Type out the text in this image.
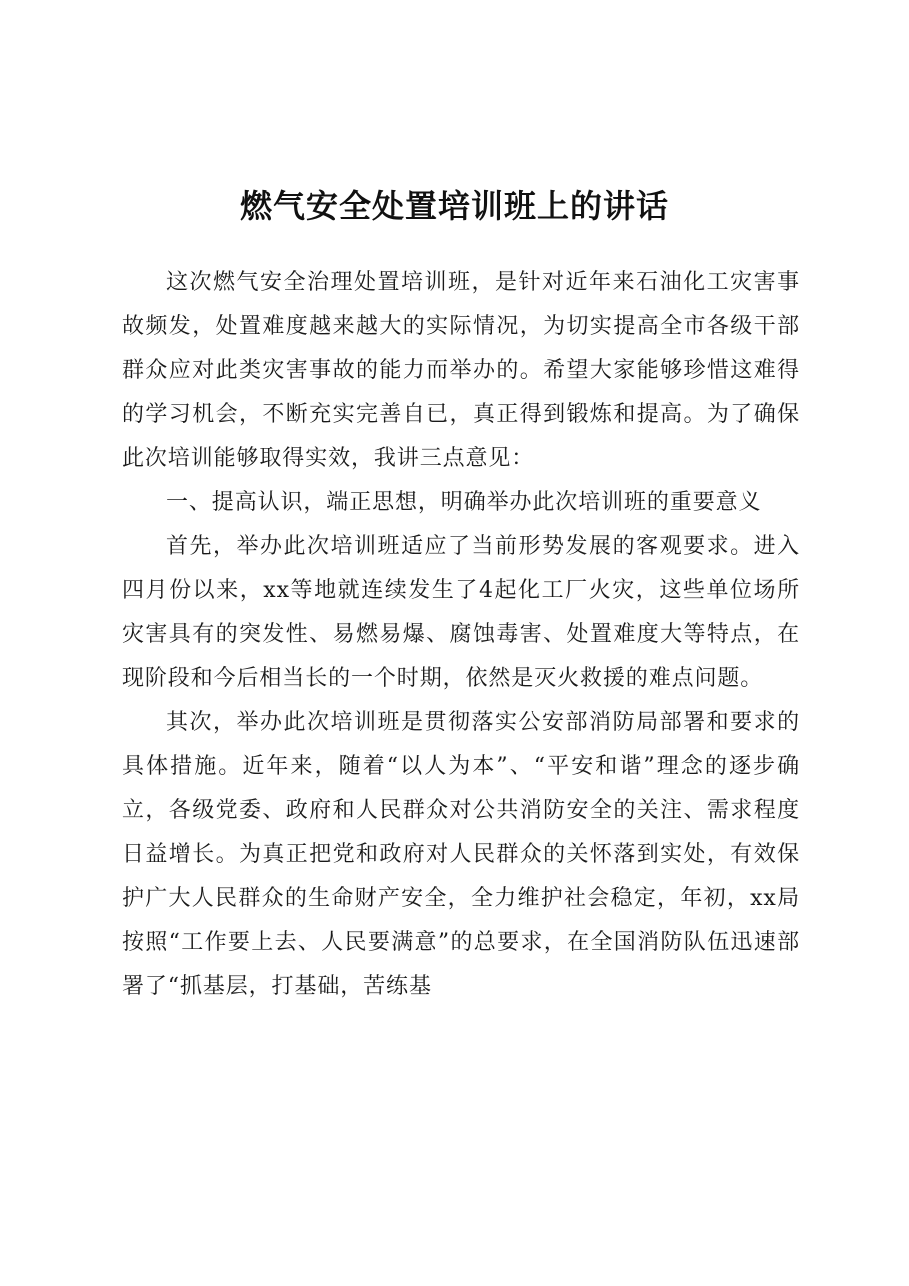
燃气安全处置培训班上的讲话

这次燃气安全治理处置培训班，是针对近年来石油化工灾害事故频发，处置难度越来越大的实际情况，为切实提高全市各级干部群众应对此类灾害事故的能力而举办的。希望大家能够珍惜这难得的学习机会，不断充实完善自已，真正得到锻炼和提高。为了确保此次培训能够取得实效，我讲三点意见：

一、提高认识，端正思想，明确举办此次培训班的重要意义

首先，举办此次培训班适应了当前形势发展的客观要求。进入四月份以来，xx等地就连续发生了4起化工厂火灾，这些单位场所灾害具有的突发性、易燃易爆、腐蚀毒害、处置难度大等特点，在现阶段和今后相当长的一个时期，依然是灭火救援的难点问题。

其次，举办此次培训班是贯彻落实公安部消防局部署和要求的具体措施。近年来，随着“以人为本”、“平安和谐”理念的逐步确立，各级党委、政府和人民群众对公共消防安全的关注、需求程度日益增长。为真正把党和政府对人民群众的关怀落到实处，有效保护广大人民群众的生命财产安全，全力维护社会稳定，年初，xx局按照“工作要上去、人民要满意”的总要求，在全国消防队伍迅速部署了“抓基层，打基础，苦练基
